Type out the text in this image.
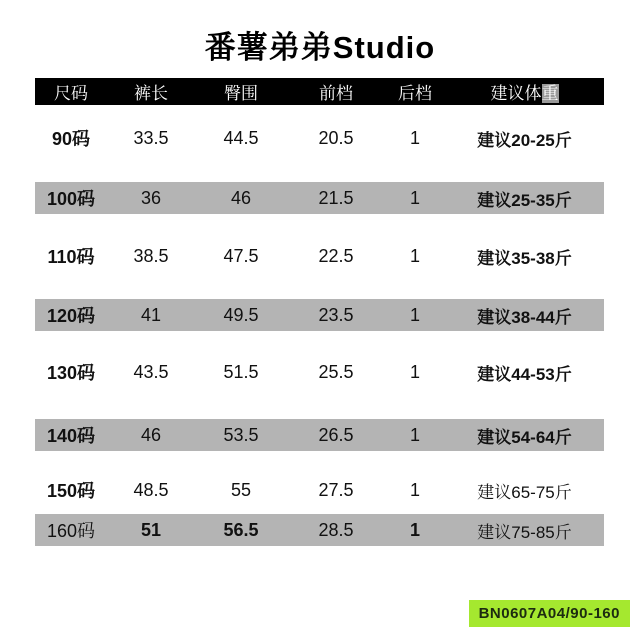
番薯弟弟Studio
尺码	裤长	臀围	前档	后档	建议体重
90码	33.5	44.5	20.5	1	建议20-25斤
100码	36	46	21.5	1	建议25-35斤
110码	38.5	47.5	22.5	1	建议35-38斤
120码	41	49.5	23.5	1	建议38-44斤
130码	43.5	51.5	25.5	1	建议44-53斤
140码	46	53.5	26.5	1	建议54-64斤
150码	48.5	55	27.5	1	建议65-75斤
160码	51	56.5	28.5	1	建议75-85斤
BN0607A04/90-160
